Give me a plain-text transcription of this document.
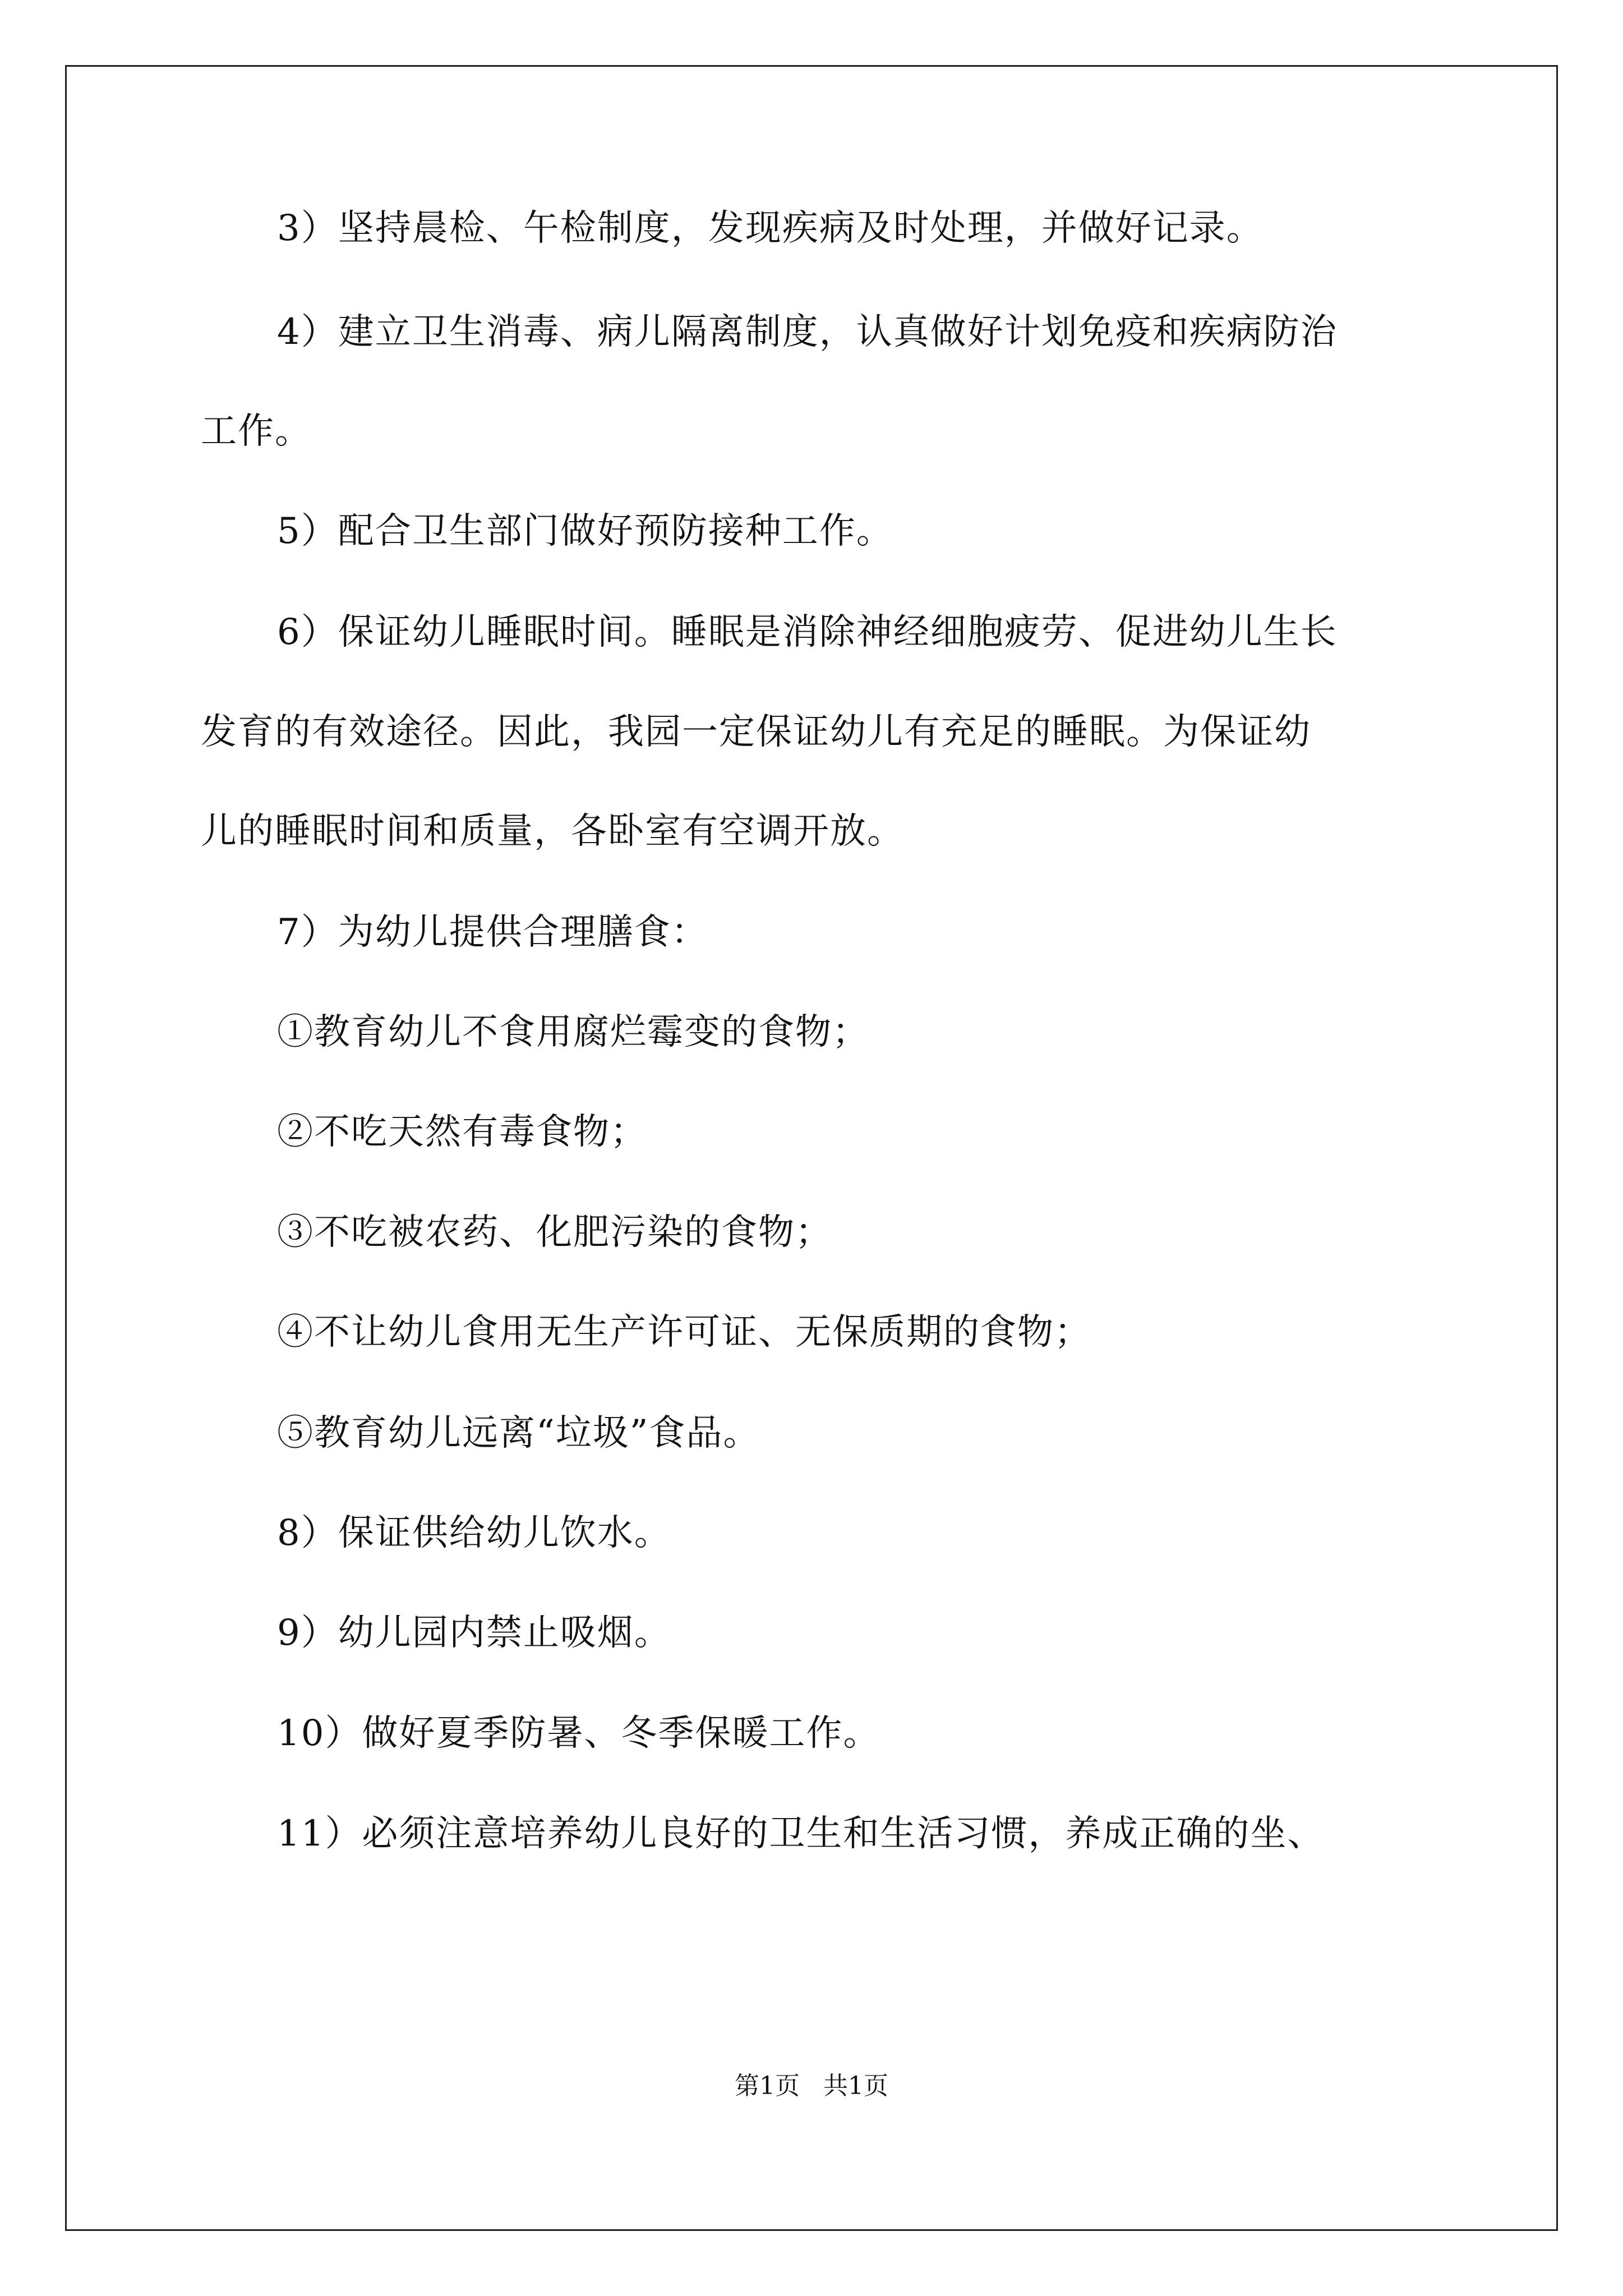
3）坚持晨检、午检制度，发现疾病及时处理，并做好记录。
4）建立卫生消毒、病儿隔离制度，认真做好计划免疫和疾病防治
工作。
5）配合卫生部门做好预防接种工作。
6）保证幼儿睡眠时间。睡眠是消除神经细胞疲劳、促进幼儿生长
发育的有效途径。因此，我园一定保证幼儿有充足的睡眠。为保证幼
儿的睡眠时间和质量，各卧室有空调开放。
7）为幼儿提供合理膳食：
①教育幼儿不食用腐烂霉变的食物；
②不吃天然有毒食物；
③不吃被农药、化肥污染的食物；
④不让幼儿食用无生产许可证、无保质期的食物；
⑤教育幼儿远离“垃圾”食品。
8）保证供给幼儿饮水。
9）幼儿园内禁止吸烟。
10）做好夏季防暑、冬季保暖工作。
11）必须注意培养幼儿良好的卫生和生活习惯，养成正确的坐、
第1页 共1页
